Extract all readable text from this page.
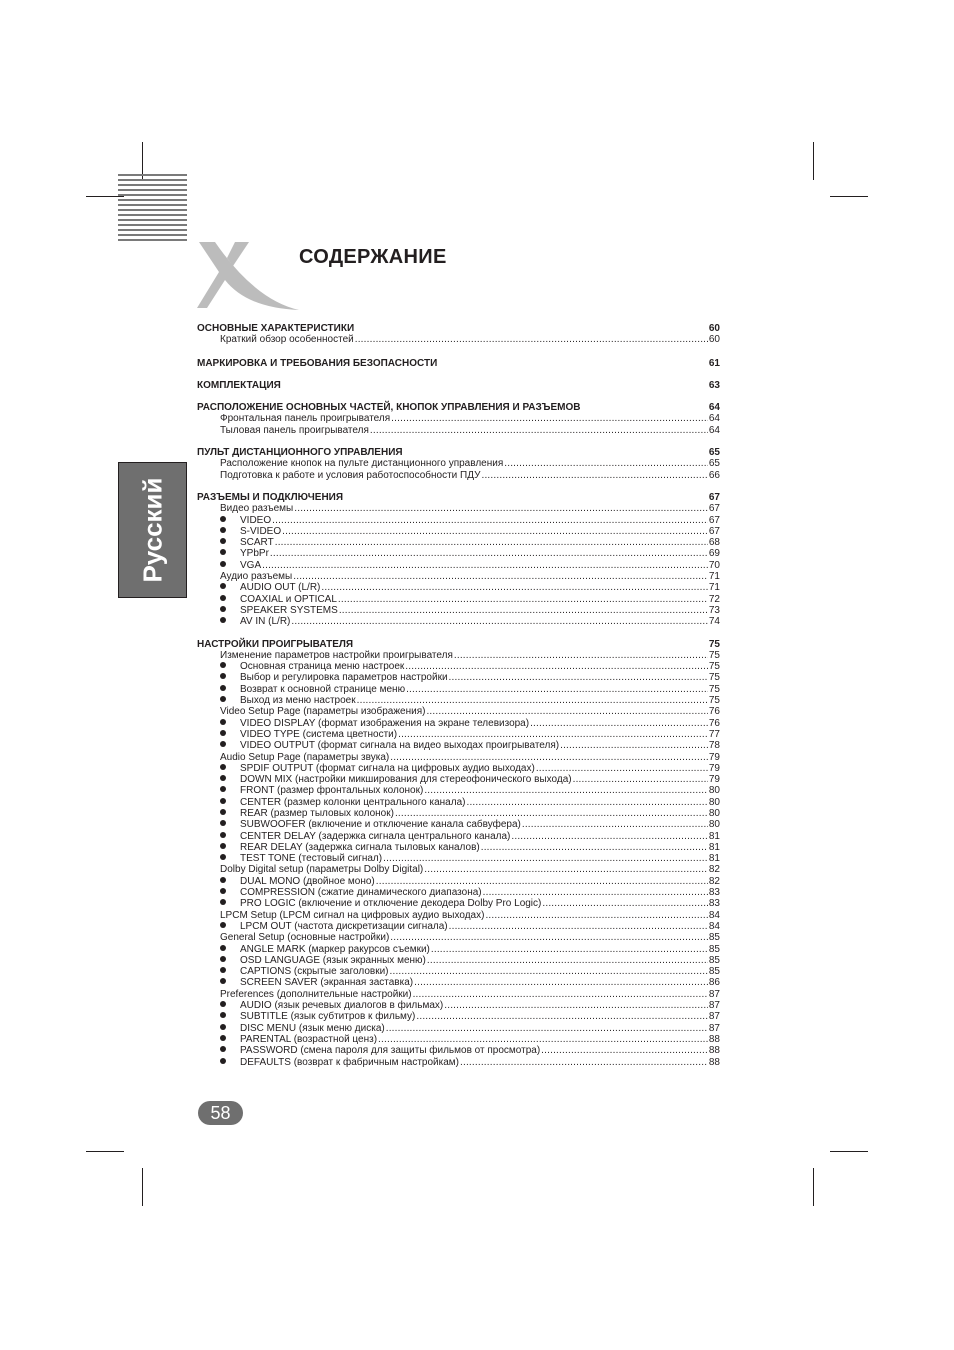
Русский
СОДЕРЖАНИЕ
ОСНОВНЫЕ ХАРАКТЕРИСТИКИ	60
Краткий обзор особенностей .....	60
МАРКИРОВКА И ТРЕБОВАНИЯ БЕЗОПАСНОСТИ	61
КОМПЛЕКТАЦИЯ	63
РАСПОЛОЖЕНИЕ ОСНОВНЫХ ЧАСТЕЙ, КНОПОК УПРАВЛЕНИЯ И РАЗЪЕМОВ	64
Фронтальная панель проигрывателя .....	64
Тыловая панель проигрывателя .....	64
ПУЛЬТ ДИСТАНЦИОННОГО УПРАВЛЕНИЯ	65
Расположение кнопок на пульте дистанционного управления .....	65
Подготовка к работе и условия работоспособности ПДУ .....	66
РАЗЪЕМЫ И ПОДКЛЮЧЕНИЯ	67
Видео разъемы .....	67
VIDEO .....	67
S-VIDEO .....	67
SCART .....	68
YPbPr .....	69
VGA .....	70
Аудио разъемы .....	71
AUDIO OUT (L/R) .....	71
COAXIAL и OPTICAL .....	72
SPEAKER SYSTEMS .....	73
AV IN (L/R) .....	74
НАСТРОЙКИ ПРОИГРЫВАТЕЛЯ	75
Изменение параметров настройки проигрывателя .....	75
Основная страница меню настроек .....	75
Выбор и регулировка параметров настройки .....	75
Возврат к основной странице меню .....	75
Выход из меню настроек .....	75
Video Setup Page (параметры изображения) .....	76
VIDEO DISPLAY (формат изображения на экране телевизора) .....	76
VIDEO TYPE (система цветности) .....	77
VIDEO OUTPUT (формат сигнала на видео выходах проигрывателя) .....	78
Audio Setup Page (параметры звука) .....	79
SPDIF OUTPUT (формат сигнала на цифровых аудио выходах) .....	79
DOWN MIX (настройки микширования для стереофонического выхода) .....	79
FRONT (размер фронтальных колонок) .....	80
CENTER (размер колонки центрального канала) .....	80
REAR (размер тыловых колонок) .....	80
SUBWOOFER (включение и отключение канала сабвуфера) .....	80
CENTER DELAY (задержка сигнала центрального канала) .....	81
REAR DELAY (задержка сигнала тыловых каналов) .....	81
TEST TONE (тестовый сигнал) .....	81
Dolby Digital setup (параметры Dolby Digital) .....	82
DUAL MONO (двойное моно) .....	82
COMPRESSION (сжатие динамического диапазона) .....	83
PRO LOGIC (включение и отключение декодера Dolby Pro Logic) .....	83
LPCM Setup (LPCM сигнал на цифровых аудио выходах) .....	84
LPCM OUT (частота дискретизации сигнала) .....	84
General Setup (основные настройки) .....	85
ANGLE MARK (маркер ракурсов съемки) .....	85
OSD LANGUAGE (язык экранных меню) .....	85
CAPTIONS (скрытые заголовки) .....	85
SCREEN SAVER (экранная заставка) .....	86
Preferences (дополнительные настройки) .....	87
AUDIO (язык речевых диалогов в фильмах) .....	87
SUBTITLE (язык субтитров к фильму) .....	87
DISC MENU (язык меню диска) .....	87
PARENTAL (возрастной ценз) .....	88
PASSWORD (смена пароля для защиты фильмов от просмотра) .....	88
DEFAULTS (возврат к фабричным настройкам) .....	88
58
